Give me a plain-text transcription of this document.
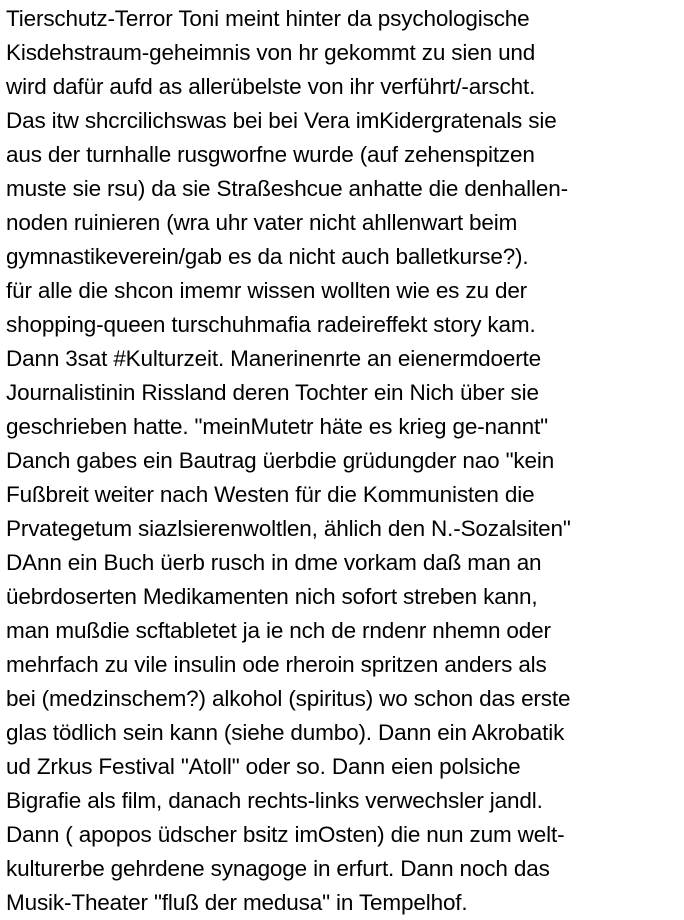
Tierschutz-Terror Toni meint hinter da psychologische
Kisdehstraum-geheimnis von hr gekommt zu sien und
wird dafür aufd as allerübelste von ihr verführt/-arscht.
Das itw shcrcilichswas bei bei Vera imKidergratenals sie
aus der turnhalle rusgworfne wurde (auf zehenspitzen
muste sie rsu) da sie Straßeshcue anhatte die denhallen-
noden ruinieren (wra uhr vater nicht ahllenwart beim
gymnastikeverein/gab es da nicht auch balletkurse?).
für alle die shcon imemr wissen wollten wie es zu der
shopping-queen turschuhmafia radeireffekt story kam.
Dann 3sat #Kulturzeit. Manerinenrte an eienermdoerte
Journalistinin Rissland deren Tochter ein Nich über sie
geschrieben hatte. "meinMutetr häte es krieg ge-nannt"
Danch gabes ein Bautrag üerbdie grüdungder nao "kein
Fußbreit weiter nach Westen für die Kommunisten die
Prvategetum siazlsierenwoltlen, ählich den N.-Sozalsiten"
DAnn ein Buch üerb rusch in dme vorkam daß man an
üebrdoserten Medikamenten nich sofort streben kann,
man mußdie scftabletet ja ie nch de rndenr nhemn oder
mehrfach zu vile insulin ode rheroin spritzen anders als
bei (medzinschem?) alkohol (spiritus) wo schon das erste
glas tödlich sein kann (siehe dumbo). Dann ein Akrobatik
ud Zrkus Festival "Atoll" oder so. Dann eien polsiche
Bigrafie als film, danach rechts-links verwechsler jandl.
Dann ( apopos üdscher bsitz imOsten) die nun zum welt-
kulturerbe gehrdene synagoge in erfurt. Dann noch das
Musik-Theater "fluß der medusa" in Tempelhof.
